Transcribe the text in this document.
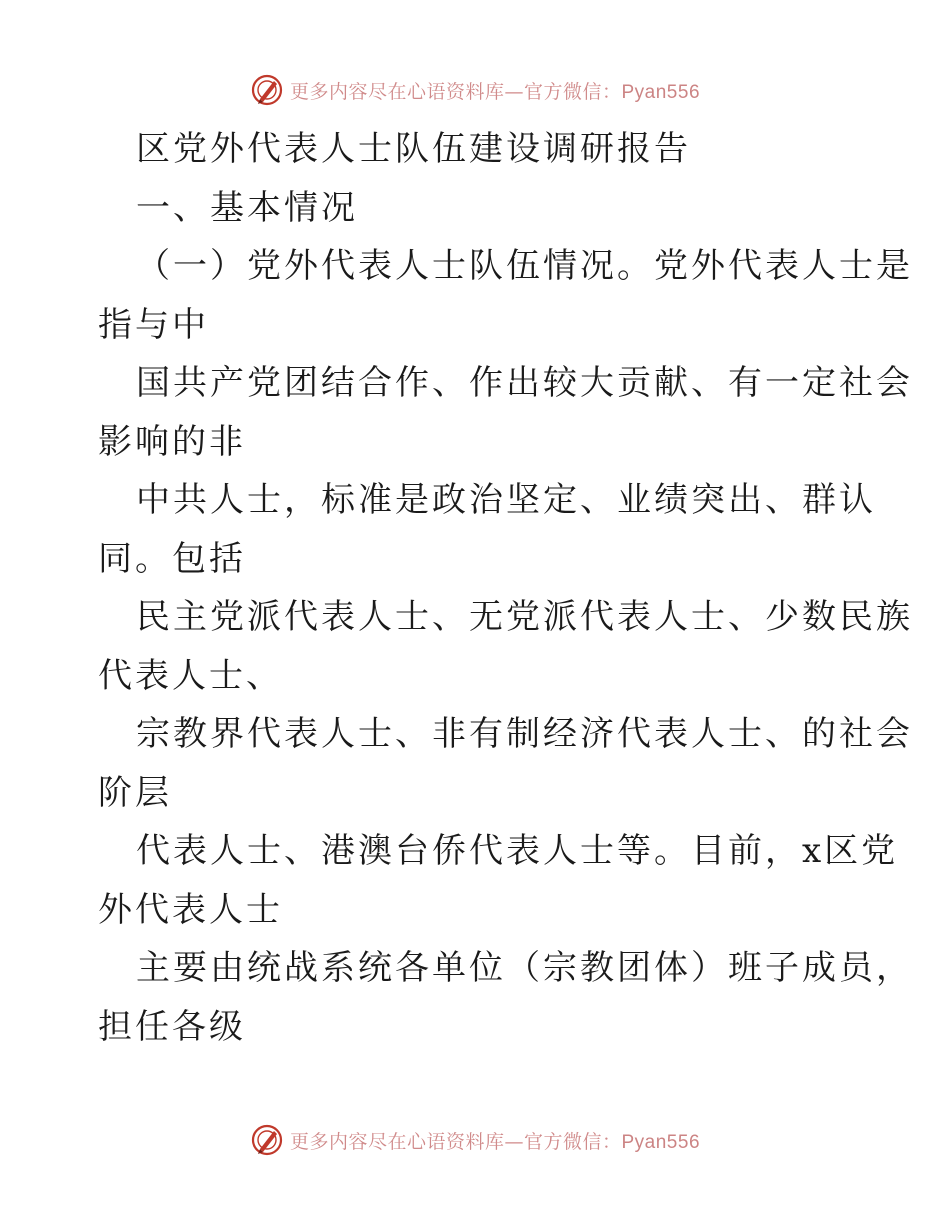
更多内容尽在心语资料库—官方微信：Pyan556
区党外代表人士队伍建设调研报告
一、基本情况
（一）党外代表人士队伍情况。党外代表人士是
指与中
国共产党团结合作、作出较大贡献、有一定社会
影响的非
中共人士，标准是政治坚定、业绩突出、群认
同。包括
民主党派代表人士、无党派代表人士、少数民族
代表人士、
宗教界代表人士、非有制经济代表人士、的社会
阶层
代表人士、港澳台侨代表人士等。目前，x区党
外代表人士
主要由统战系统各单位（宗教团体）班子成员，
担任各级
更多内容尽在心语资料库—官方微信：Pyan556
